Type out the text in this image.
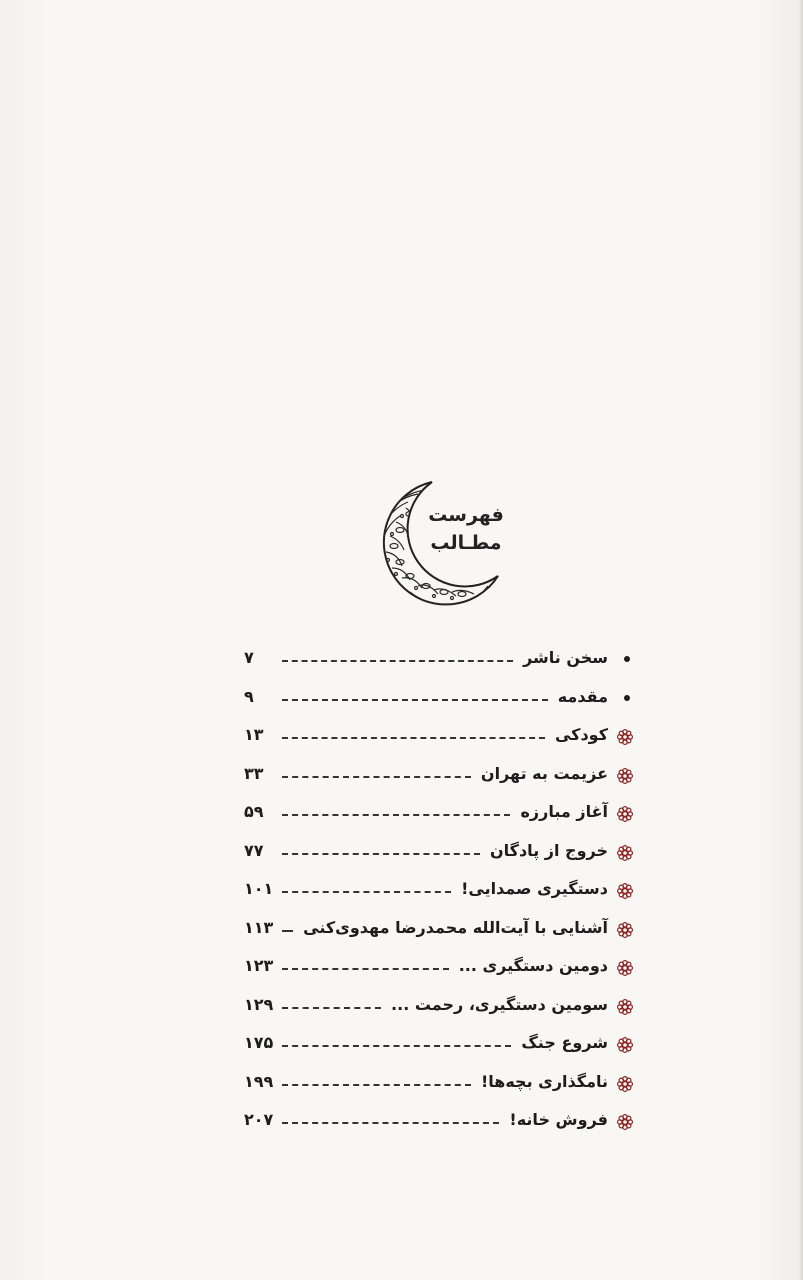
فهرست
مطـالب
سخن ناشر
۷
مقدمه
۹
کودکی
۱۳
عزیمت به تهران
۳۳
آغاز مبارزه
۵۹
خروج از پادگان
۷۷
دستگیری صمدایی!
۱۰۱
آشنایی با آیت‌الله محمدرضا مهدوی‌کنی
۱۱۳
دومین دستگیری ...
۱۲۳
سومین دستگیری، رحمت ...
۱۲۹
شروع جنگ
۱۷۵
نامگذاری بچه‌ها!
۱۹۹
فروش خانه!
۲۰۷
